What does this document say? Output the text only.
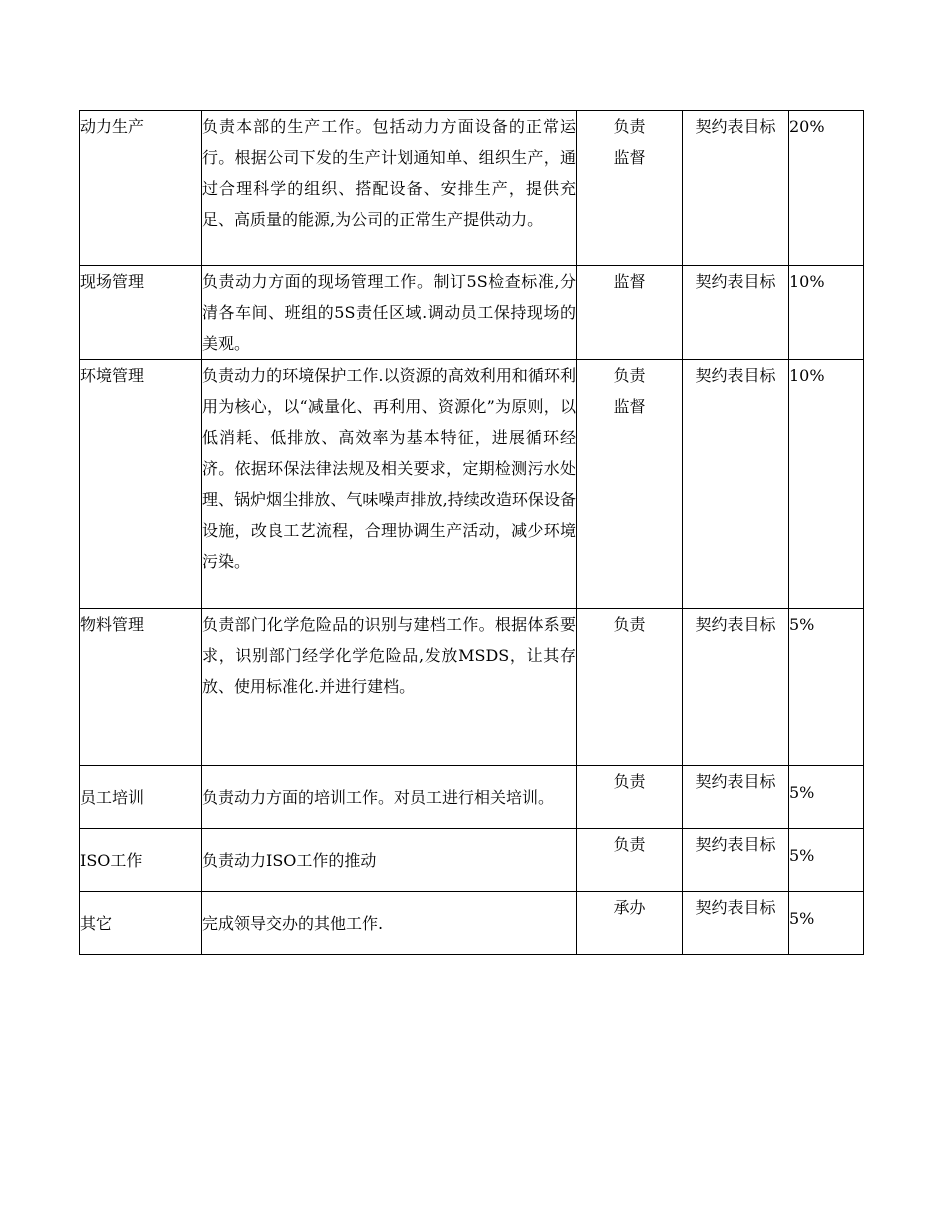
动力生产	负责本部的生产工作。包括动力方面设备的正常运行。根据公司下发的生产计划通知单、组织生产，通过合理科学的组织、搭配设备、安排生产，提供充足、高质量的能源,为公司的正常生产提供动力。	负责监督	契约表目标	20%
现场管理	负责动力方面的现场管理工作。制订5S检查标准,分清各车间、班组的5S责任区域.调动员工保持现场的美观。	监督	契约表目标	10%
环境管理	负责动力的环境保护工作.以资源的高效利用和循环利用为核心，以“减量化、再利用、资源化”为原则，以低消耗、低排放、高效率为基本特征，进展循环经济。依据环保法律法规及相关要求，定期检测污水处理、锅炉烟尘排放、气味噪声排放,持续改造环保设备设施，改良工艺流程，合理协调生产活动，减少环境污染。	负责监督	契约表目标	10%
物料管理	负责部门化学危险品的识别与建档工作。根据体系要求，识别部门经学化学危险品,发放MSDS，让其存放、使用标准化.并进行建档。	负责	契约表目标	5%
员工培训	负责动力方面的培训工作。对员工进行相关培训。	负责	契约表目标	5%

ISO工作	负责动力ISO工作的推动	负责	契约表目标	5%

其它	完成领导交办的其他工作.	承办	契约表目标	5%
